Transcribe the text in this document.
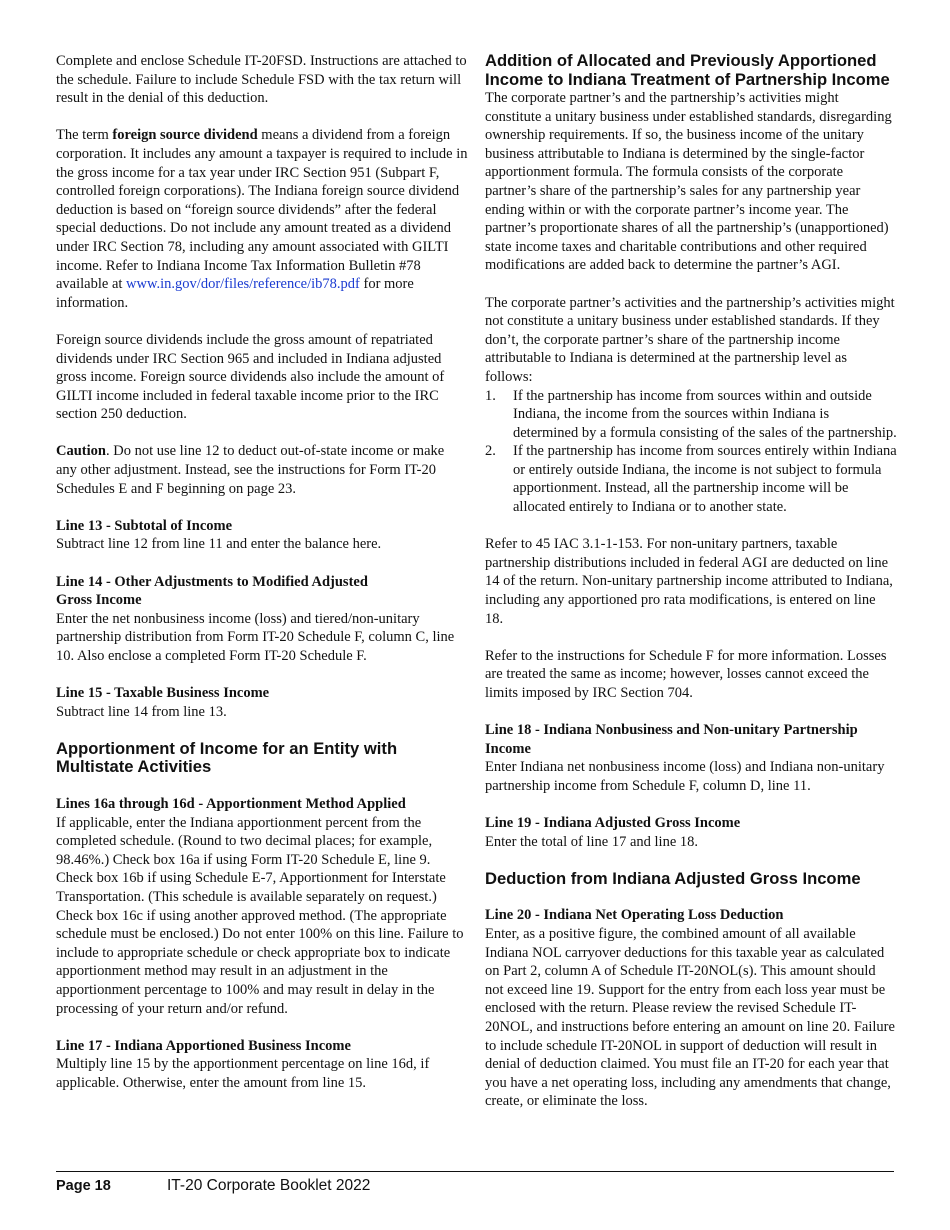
Complete and enclose Schedule IT-20FSD. Instructions are attached to the schedule. Failure to include Schedule FSD with the tax return will result in the denial of this deduction.

The term foreign source dividend means a dividend from a foreign corporation. It includes any amount a taxpayer is required to include in the gross income for a tax year under IRC Section 951 (Subpart F, controlled foreign corporations). The Indiana foreign source dividend deduction is based on “foreign source dividends” after the federal special deductions. Do not include any amount treated as a dividend under IRC Section 78, including any amount associated with GILTI income. Refer to Indiana Income Tax Information Bulletin #78 available at www.in.gov/dor/files/reference/ib78.pdf for more information.

Foreign source dividends include the gross amount of repatriated dividends under IRC Section 965 and included in Indiana adjusted gross income. Foreign source dividends also include the amount of GILTI income included in federal taxable income prior to the IRC section 250 deduction.

Caution. Do not use line 12 to deduct out-of-state income or make any other adjustment. Instead, see the instructions for Form IT-20 Schedules E and F beginning on page 23.

Line 13 - Subtotal of Income

Subtract line 12 from line 11 and enter the balance here.

Line 14 - Other Adjustments to Modified Adjusted
Gross Income

Enter the net nonbusiness income (loss) and tiered/non-unitary partnership distribution from Form IT-20 Schedule F, column C, line 10. Also enclose a completed Form IT-20 Schedule F.

Line 15 - Taxable Business Income

Subtract line 14 from line 13.

Apportionment of Income for an Entity with
Multistate Activities
Lines 16a through 16d - Apportionment Method Applied

If applicable, enter the Indiana apportionment percent from the completed schedule. (Round to two decimal places; for example, 98.46%.) Check box 16a if using Form IT-20 Schedule E, line 9. Check box 16b if using Schedule E-7, Apportionment for Interstate Transportation. (This schedule is available separately on request.) Check box 16c if using another approved method. (The appropriate schedule must be enclosed.) Do not enter 100% on this line. Failure to include to appropriate schedule or check appropriate box to indicate apportionment method may result in an adjustment in the apportionment percentage to 100% and may result in delay in the processing of your return and/or refund.

Line 17 - Indiana Apportioned Business Income

Multiply line 15 by the apportionment percentage on line 16d, if applicable. Otherwise, enter the amount from line 15.

Addition of Allocated and Previously Apportioned
Income to Indiana Treatment of Partnership Income

The corporate partner’s and the partnership’s activities might constitute a unitary business under established standards, disregarding ownership requirements. If so, the business income of the unitary business attributable to Indiana is determined by the single-factor apportionment formula. The formula consists of the corporate partner’s share of the partnership’s sales for any partnership year ending within or with the corporate partner’s income year. The partner’s proportionate shares of all the partnership’s (unapportioned) state income taxes and charitable contributions and other required modifications are added back to determine the partner’s AGI.

The corporate partner’s activities and the partnership’s activities might not constitute a unitary business under established standards. If they don’t, the corporate partner’s share of the partnership income attributable to Indiana is determined at the partnership level as follows:

1.	If the partnership has income from sources within and outside Indiana, the income from the sources within Indiana is determined by a formula consisting of the sales of the partnership.
2.	If the partnership has income from sources entirely within Indiana or entirely outside Indiana, the income is not subject to formula apportionment. Instead, all the partnership income will be allocated entirely to Indiana or to another state.

Refer to 45 IAC 3.1-1-153. For non-unitary partners, taxable partnership distributions included in federal AGI are deducted on line 14 of the return. Non-unitary partnership income attributed to Indiana, including any apportioned pro rata modifications, is entered on line 18.

Refer to the instructions for Schedule F for more information. Losses are treated the same as income; however, losses cannot exceed the limits imposed by IRC Section 704.

Line 18 - Indiana Nonbusiness and Non-unitary Partnership
Income

Enter Indiana net nonbusiness income (loss) and Indiana non-unitary partnership income from Schedule F, column D, line 11.

Line 19 - Indiana Adjusted Gross Income

Enter the total of line 17 and line 18.

Deduction from Indiana Adjusted Gross Income
Line 20 - Indiana Net Operating Loss Deduction

Enter, as a positive figure, the combined amount of all available Indiana NOL carryover deductions for this taxable year as calculated on Part 2, column A of Schedule IT-20NOL(s). This amount should not exceed line 19. Support for the entry from each loss year must be enclosed with the return. Please review the revised Schedule IT-20NOL, and instructions before entering an amount on line 20. Failure to include schedule IT-20NOL in support of deduction will result in denial of deduction claimed. You must file an IT-20 for each year that you have a net operating loss, including any amendments that change, create, or eliminate the loss.

Page 18	IT-20 Corporate Booklet 2022
